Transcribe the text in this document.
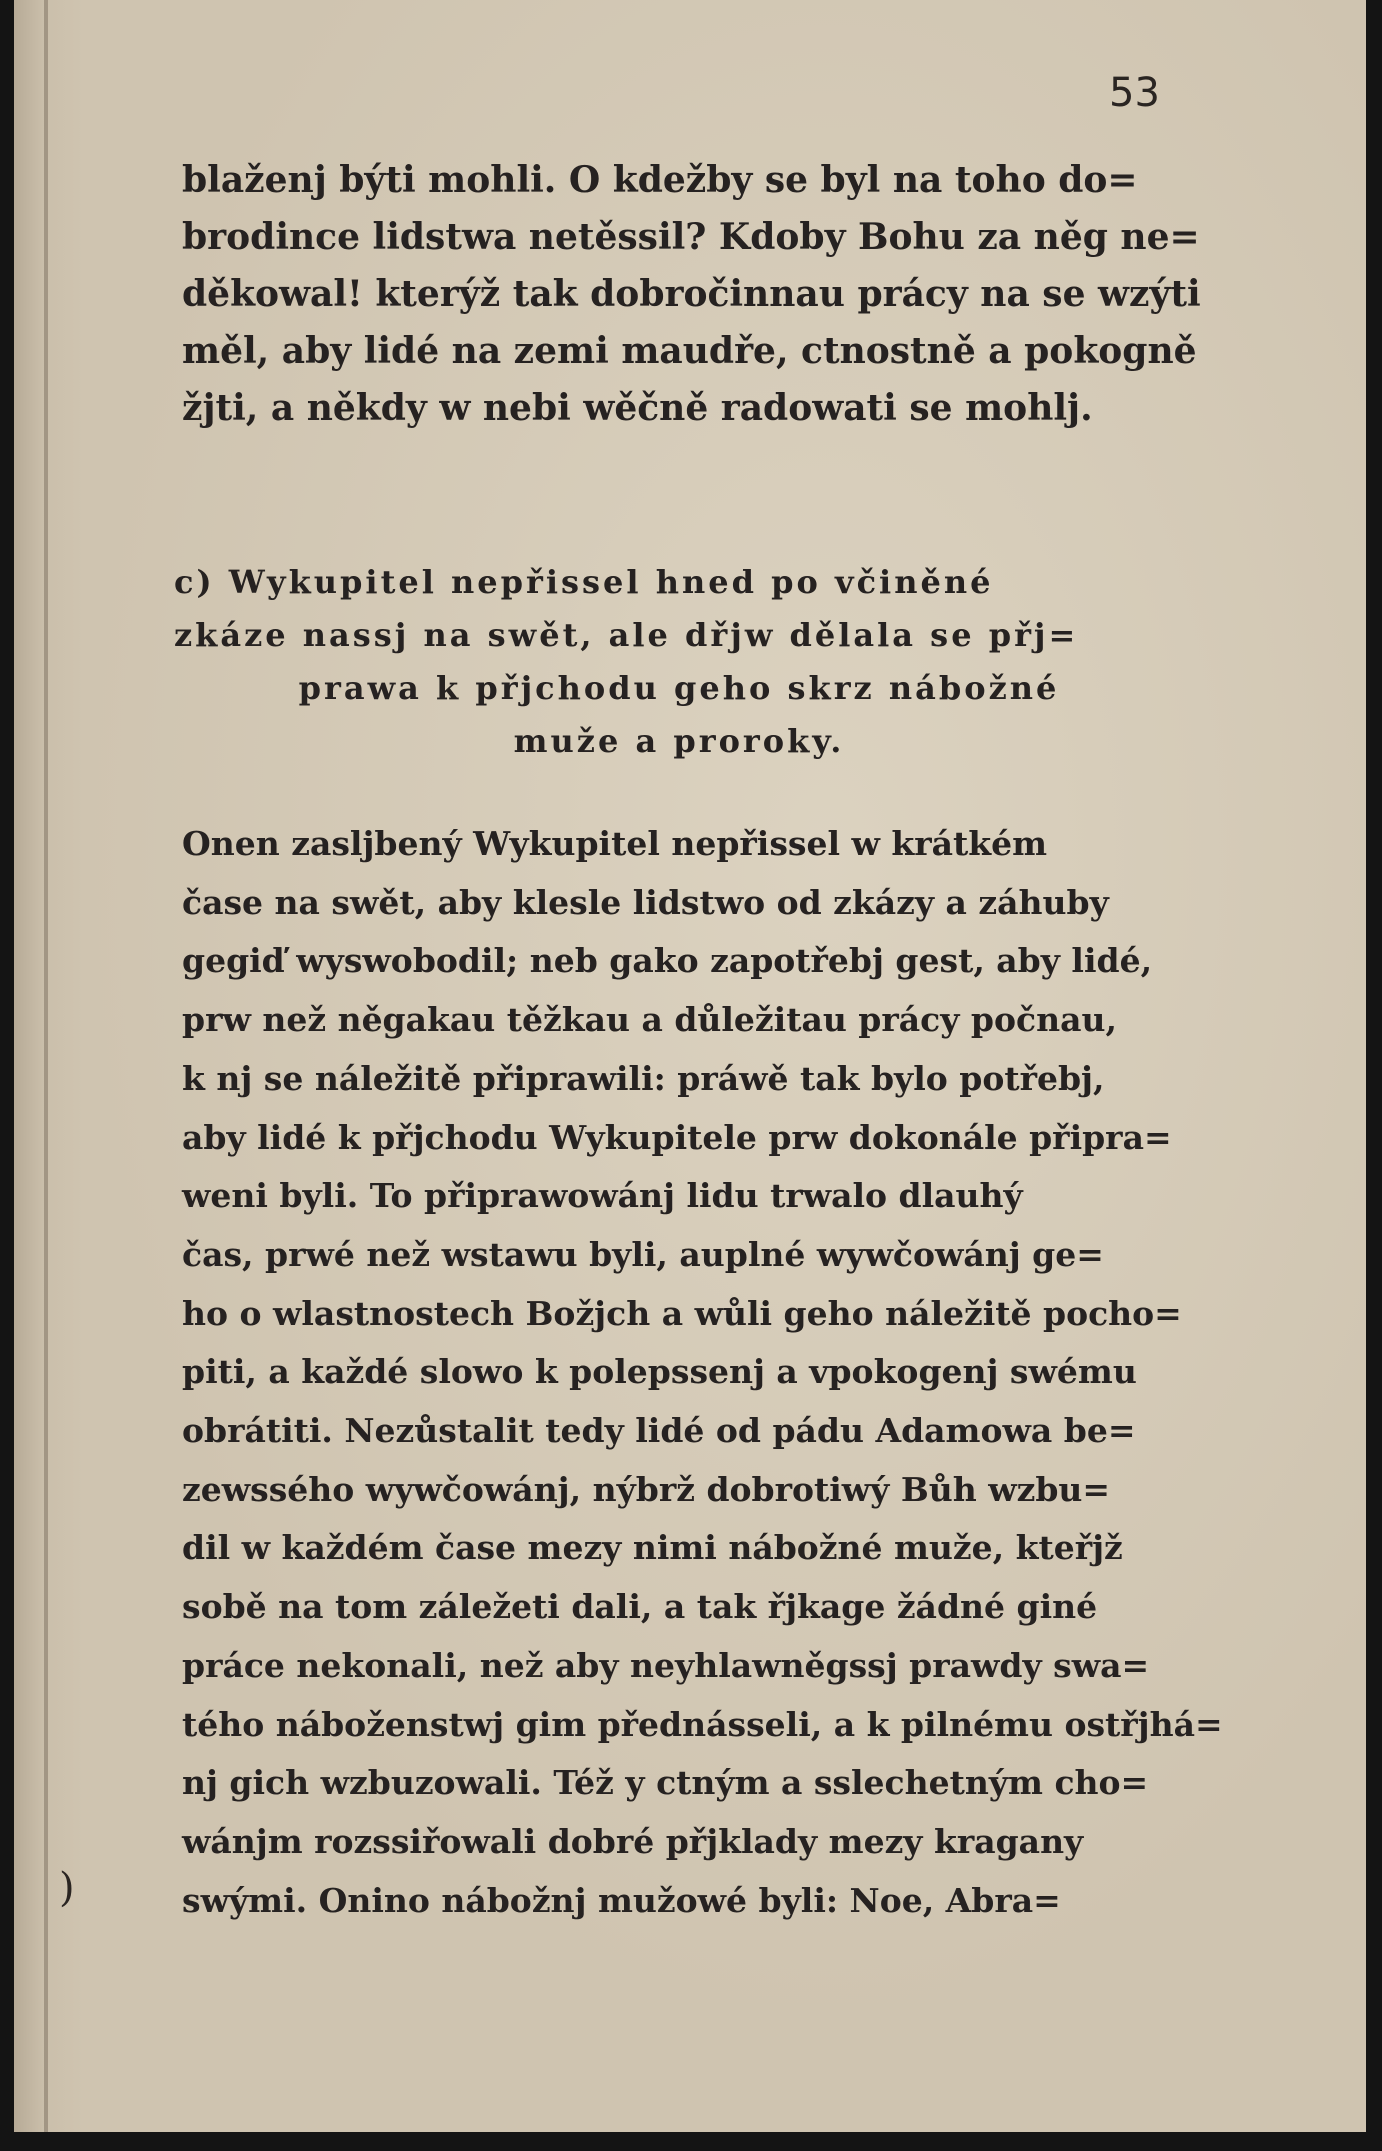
53
blaženj býti mohli. O kdežby se byl na toho do=
brodince lidstwa netěssil? Kdoby Bohu za něg ne=
děkowal! kterýž tak dobročinnau prácy na se wzýti
měl, aby lidé na zemi maudře, ctnostně a pokogně
žjti, a někdy w nebi wěčně radowati se mohlj.
c) Wykupitel nepřissel hned po včiněné
zkáze nassj na swět, ale dřjw dělala se přj=
prawa k přjchodu geho skrz nábožné
muže a proroky.
Onen zasljbený Wykupitel nepřissel w krátkém
čase na swět, aby klesle lidstwo od zkázy a záhuby
gegiď wyswobodil; neb gako zapotřebj gest, aby lidé,
prw než něgakau těžkau a důležitau prácy počnau,
k nj se náležitě připrawili: práwě tak bylo potřebj,
aby lidé k přjchodu Wykupitele prw dokonále připra=
weni byli. To připrawowánj lidu trwalo dlauhý
čas, prwé než wstawu byli, auplné wywčowánj ge=
ho o wlastnostech Božjch a wůli geho náležitě pocho=
piti, a každé slowo k polepssenj a vpokogenj swému
obrátiti. Nezůstalit tedy lidé od pádu Adamowa be=
zewssého wywčowánj, nýbrž dobrotiwý Bůh wzbu=
dil w každém čase mezy nimi nábožné muže, kteřjž
sobě na tom záležeti dali, a tak řjkage žádné giné
práce nekonali, než aby neyhlawněgssj prawdy swa=
tého náboženstwj gim přednásseli, a k pilnému ostřjhá=
nj gich wzbuzowali. Též y ctným a sslechetným cho=
wánjm rozssiřowali dobré přjklady mezy kragany
swými. Onino nábožnj mužowé byli: Noe, Abra=
)
